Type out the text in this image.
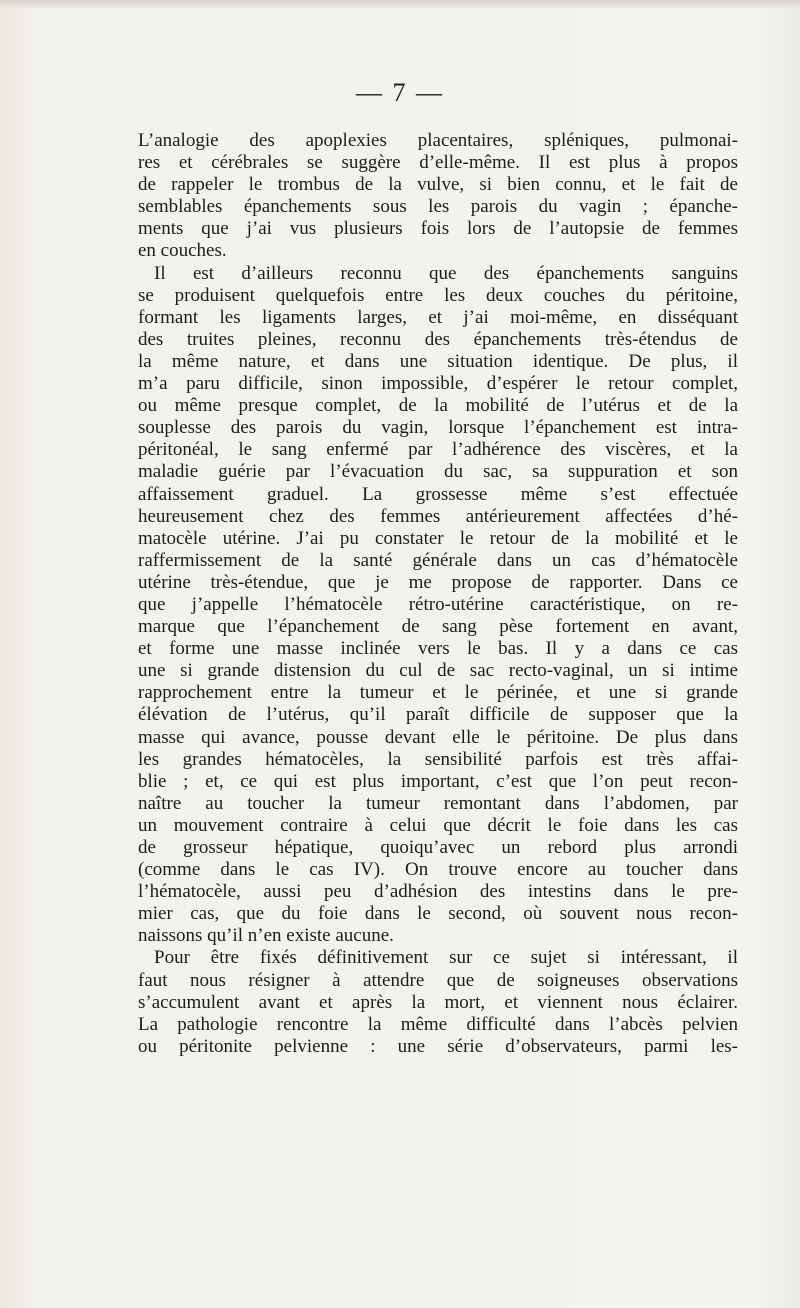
— 7 —
L’analogie des apoplexies placentaires, spléniques, pulmonai-
res et cérébrales se suggère d’elle-même. Il est plus à propos
de rappeler le trombus de la vulve, si bien connu, et le fait de
semblables épanchements sous les parois du vagin ; épanche-
ments que j’ai vus plusieurs fois lors de l’autopsie de femmes
en couches.
Il est d’ailleurs reconnu que des épanchements sanguins
se produisent quelquefois entre les deux couches du péritoine,
formant les ligaments larges, et j’ai moi-même, en disséquant
des truites pleines, reconnu des épanchements très-étendus de
la même nature, et dans une situation identique. De plus, il
m’a paru difficile, sinon impossible, d’espérer le retour complet,
ou même presque complet, de la mobilité de l’utérus et de la
souplesse des parois du vagin, lorsque l’épanchement est intra-
péritonéal, le sang enfermé par l’adhérence des viscères, et la
maladie guérie par l’évacuation du sac, sa suppuration et son
affaissement graduel. La grossesse même s’est effectuée
heureusement chez des femmes antérieurement affectées d’hé-
matocèle utérine. J’ai pu constater le retour de la mobilité et le
raffermissement de la santé générale dans un cas d’hématocèle
utérine très-étendue, que je me propose de rapporter. Dans ce
que j’appelle l’hématocèle rétro-utérine caractéristique, on re-
marque que l’épanchement de sang pèse fortement en avant,
et forme une masse inclinée vers le bas. Il y a dans ce cas
une si grande distension du cul de sac recto-vaginal, un si intime
rapprochement entre la tumeur et le périnée, et une si grande
élévation de l’utérus, qu’il paraît difficile de supposer que la
masse qui avance, pousse devant elle le péritoine. De plus dans
les grandes hématocèles, la sensibilité parfois est très affai-
blie ; et, ce qui est plus important, c’est que l’on peut recon-
naître au toucher la tumeur remontant dans l’abdomen, par
un mouvement contraire à celui que décrit le foie dans les cas
de grosseur hépatique, quoiqu’avec un rebord plus arrondi
(comme dans le cas IV). On trouve encore au toucher dans
l’hématocèle, aussi peu d’adhésion des intestins dans le pre-
mier cas, que du foie dans le second, où souvent nous recon-
naissons qu’il n’en existe aucune.
Pour être fixés définitivement sur ce sujet si intéressant, il
faut nous résigner à attendre que de soigneuses observations
s’accumulent avant et après la mort, et viennent nous éclairer.
La pathologie rencontre la même difficulté dans l’abcès pelvien
ou péritonite pelvienne : une série d’observateurs, parmi les-
